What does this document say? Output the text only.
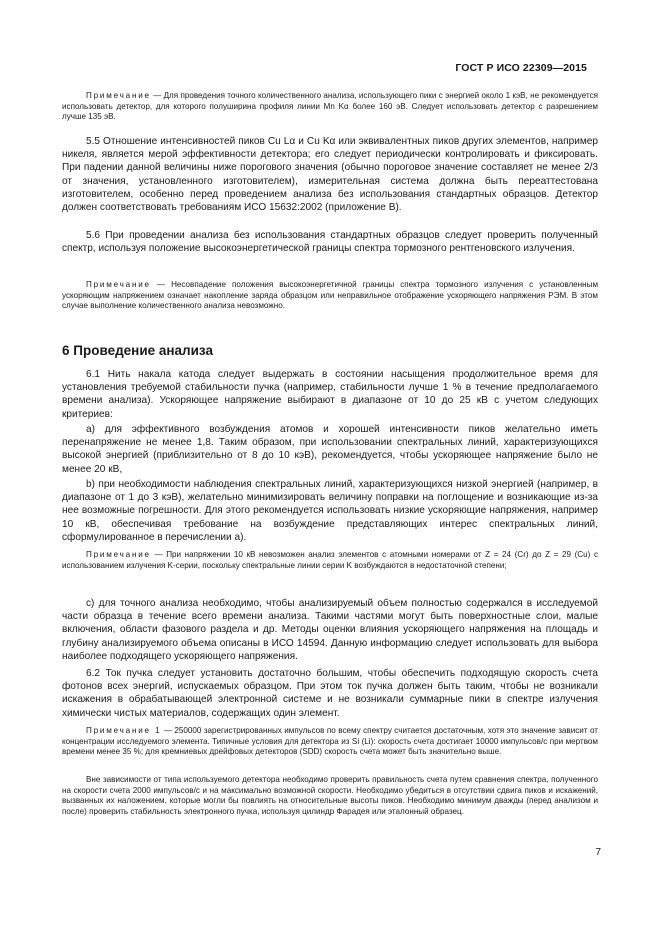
ГОСТ Р ИСО 22309—2015
Примечание — Для проведения точного количественного анализа, использующего пики с энергией около 1 кэВ, не рекомендуется использовать детектор, для которого полуширина профиля линии Mn Kα более 160 эВ. Следует использовать детектор с разрешением лучше 135 эВ.

5.5 Отношение интенсивностей пиков Cu Lα и Cu Kα или эквивалентных пиков других элементов, например никеля, является мерой эффективности детектора; его следует периодически контролировать и фиксировать. При падении данной величины ниже порогового значения (обычно пороговое значение составляет не менее 2/3 от значения, установленного изготовителем), измерительная система должна быть переаттестована изготовителем, особенно перед проведением анализа без использования стандартных образцов. Детектор должен соответствовать требованиям ИСО 15632:2002 (приложение В).

5.6 При проведении анализа без использования стандартных образцов следует проверить полученный спектр, используя положение высокоэнергетической границы спектра тормозного рентгеновского излучения.

Примечание — Несовпадение положения высокоэнергетичной границы спектра тормозного излучения с установленным ускоряющим напряжением означает накопление заряда образцом или неправильное отображение ускоряющего напряжения РЭМ. В этом случае выполнение количественного анализа невозможно.
6 Проведение анализа

6.1 Нить накала катода следует выдержать в состоянии насыщения продолжительное время для установления требуемой стабильности пучка (например, стабильности лучше 1 % в течение предполагаемого времени анализа). Ускоряющее напряжение выбирают в диапазоне от 10 до 25 кВ с учетом следующих критериев:

a) для эффективного возбуждения атомов и хорошей интенсивности пиков желательно иметь перенапряжение не менее 1,8. Таким образом, при использовании спектральных линий, характеризующихся высокой энергией (приблизительно от 8 до 10 кэВ), рекомендуется, чтобы ускоряющее напряжение было не менее 20 кВ,

b) при необходимости наблюдения спектральных линий, характеризующихся низкой энергией (например, в диапазоне от 1 до 3 кэВ), желательно минимизировать величину поправки на поглощение и возникающие из-за нее возможные погрешности. Для этого рекомендуется использовать низкие ускоряющие напряжения, например 10 кВ, обеспечивая требование на возбуждение представляющих интерес спектральных линий, сформулированное в перечислении a).

Примечание — При напряжении 10 кВ невозможен анализ элементов с атомными номерами от Z = 24 (Cr) до Z = 29 (Cu) с использованием излучения K-серии, поскольку спектральные линии серии K возбуждаются в недостаточной степени;

c) для точного анализа необходимо, чтобы анализируемый объем полностью содержался в исследуемой части образца в течение всего времени анализа. Такими частями могут быть поверхностные слои, малые включения, области фазового раздела и др. Методы оценки влияния ускоряющего напряжения на площадь и глубину анализируемого объема описаны в ИСО 14594. Данную информацию следует использовать для выбора наиболее подходящего ускоряющего напряжения.

6.2 Ток пучка следует установить достаточно большим, чтобы обеспечить подходящую скорость счета фотонов всех энергий, испускаемых образцом. При этом ток пучка должен быть таким, чтобы не возникали искажения в обрабатывающей электронной системе и не возникали суммарные пики в спектре излучения химически чистых материалов, содержащих один элемент.

Примечание 1 — 250000 зарегистрированных импульсов по всему спектру считается достаточным, хотя это значение зависит от концентрации исследуемого элемента. Типичные условия для детектора из Si (Li): скорость счета достигает 10000 импульсов/с при мертвом времени менее 35 %; для кремниевых дрейфовых детекторов (SDD) скорость счета может быть значительно выше.

Вне зависимости от типа используемого детектора необходимо проверить правильность счета путем сравнения спектра, полученного на скорости счета 2000 импульсов/с и на максимально возможной скорости. Необходимо убедиться в отсутствии сдвига пиков и искажений, вызванных их наложением, которые могли бы повлиять на относительные высоты пиков. Необходимо минимум дважды (перед анализом и после) проверить стабильность электронного пучка, используя цилиндр Фарадея или эталонный образец.

7
